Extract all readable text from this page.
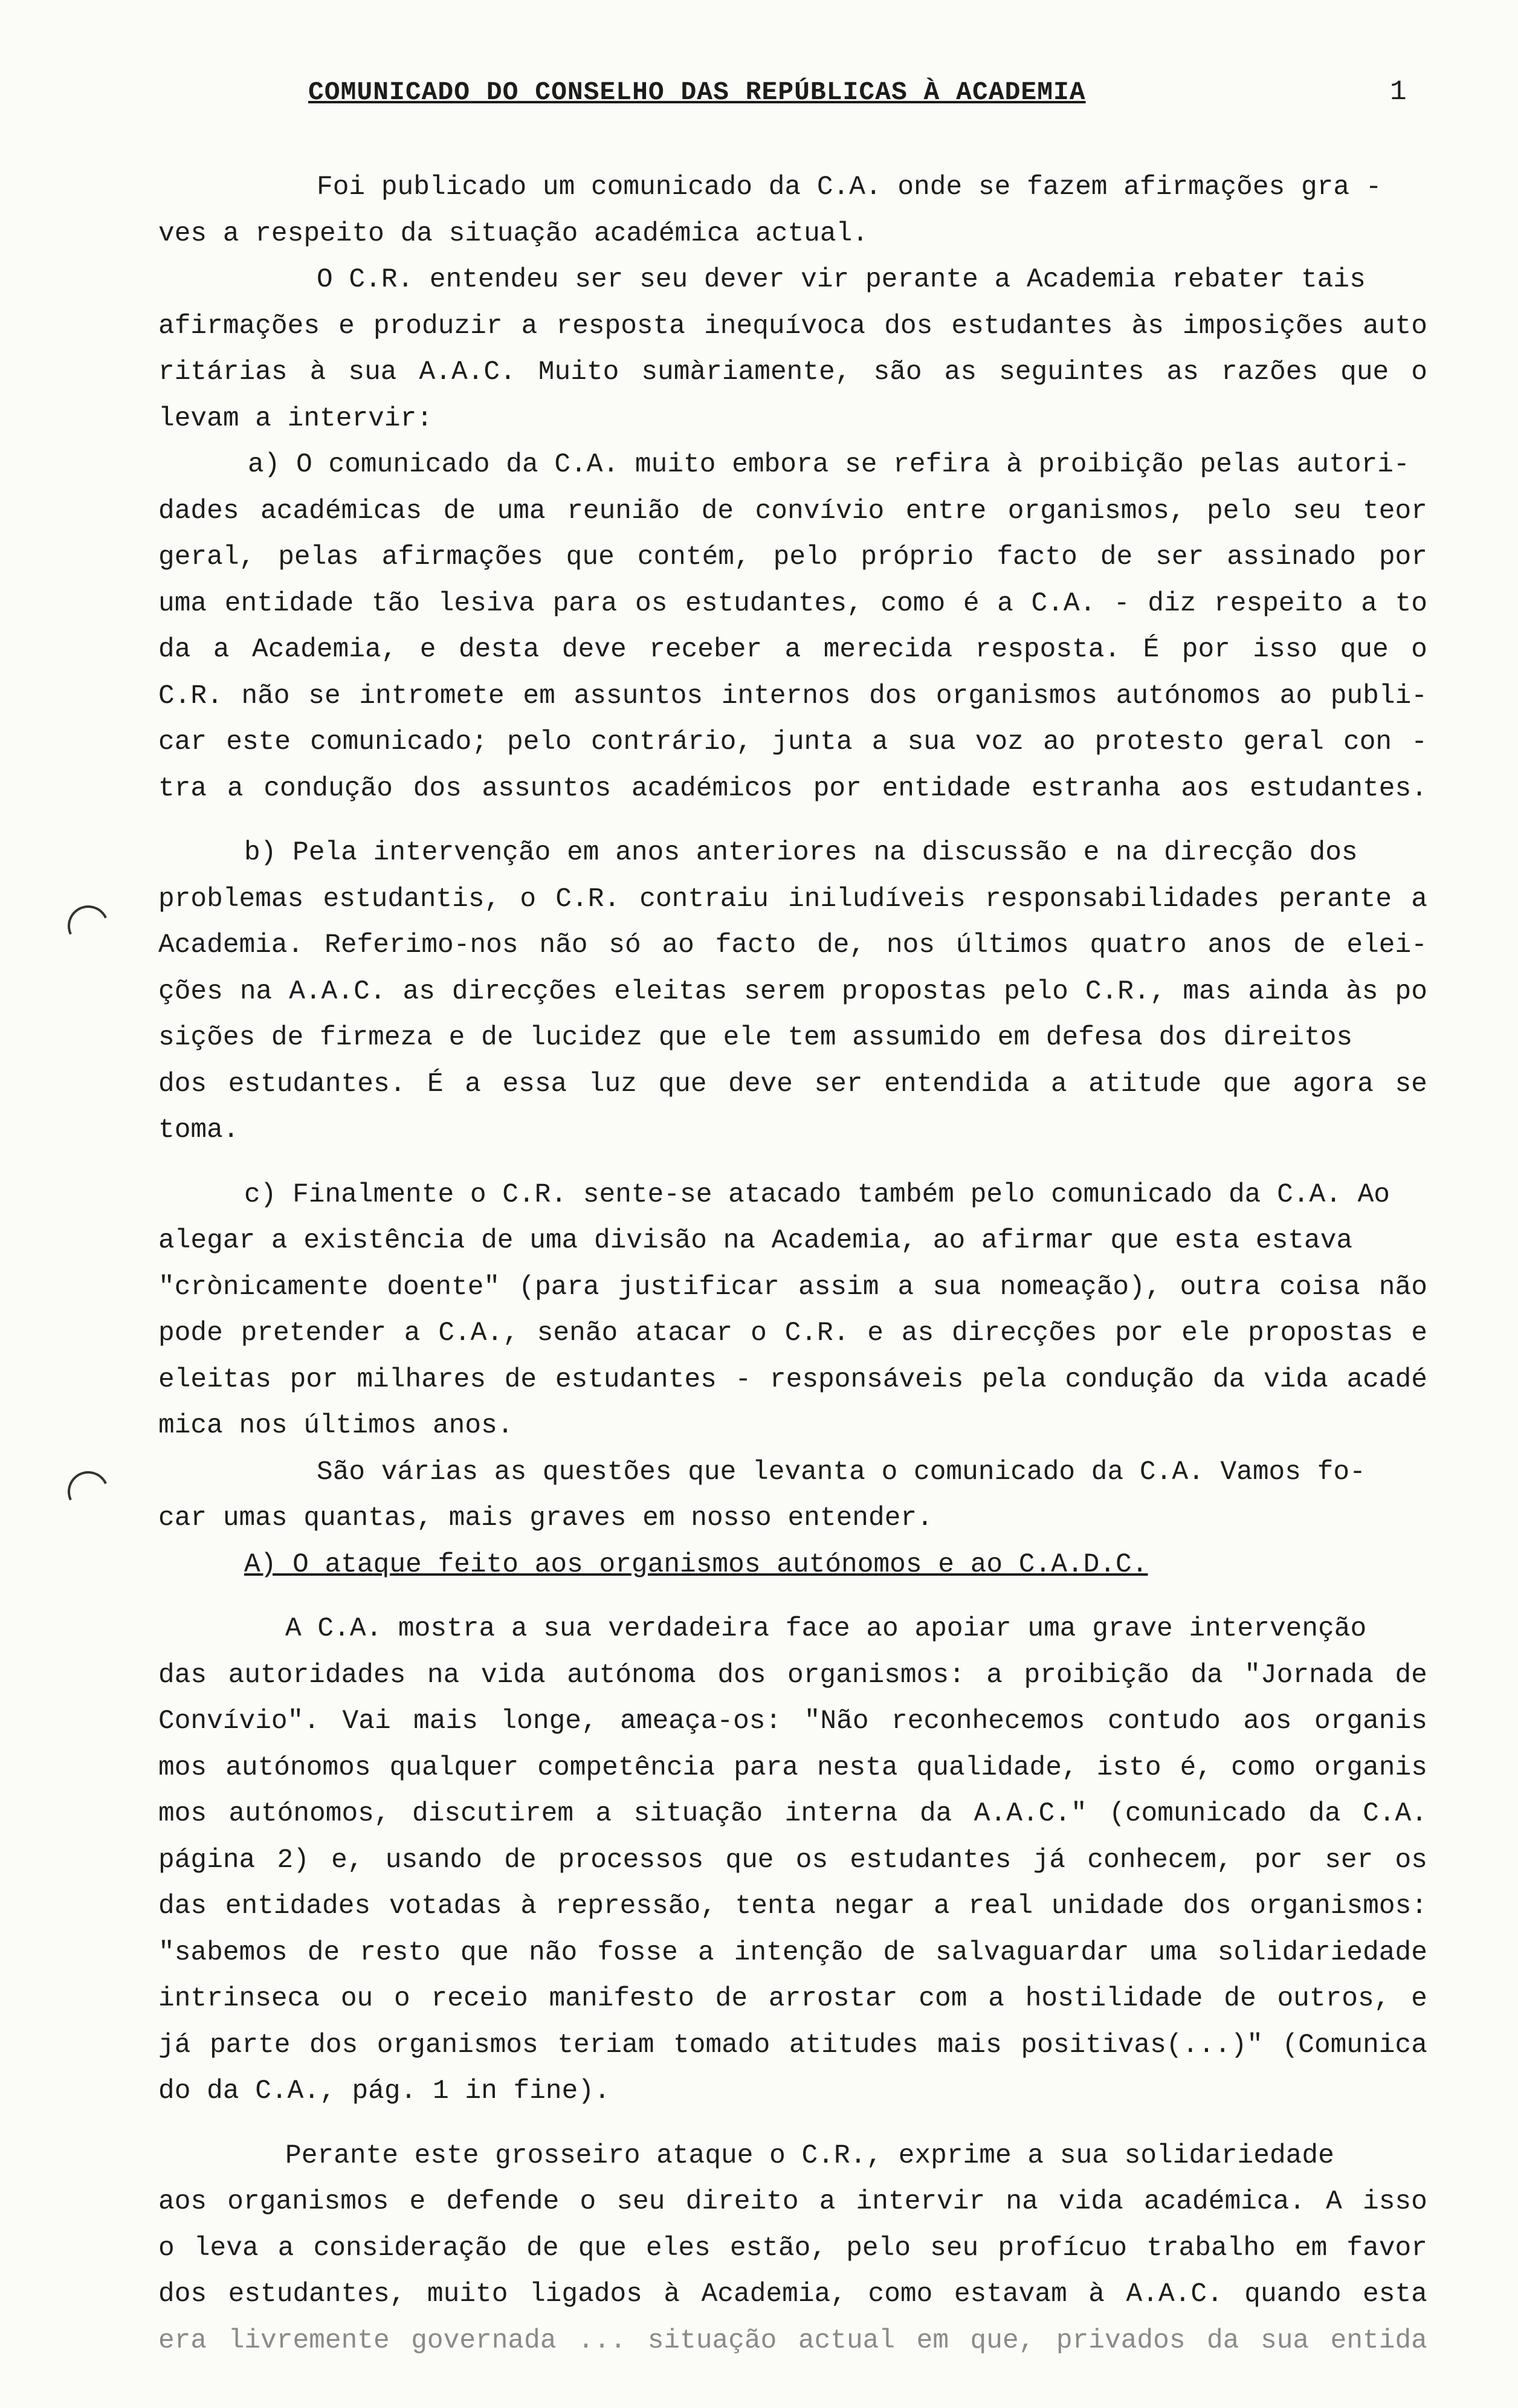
COMUNICADO DO CONSELHO DAS REPÚBLICAS À ACADEMIA	1
Foi publicado um comunicado da C.A. onde se fazem afirmações gra -
ves a respeito da situação académica actual.
O C.R. entendeu ser seu dever vir perante a Academia rebater tais
afirmações e produzir a resposta inequívoca dos estudantes às imposições auto
ritárias à sua A.A.C. Muito sumàriamente, são as seguintes as razões que o
levam a intervir:
a) O comunicado da C.A. muito embora se refira à proibição pelas autori-
dades académicas de uma reunião de convívio entre organismos, pelo seu teor
geral, pelas afirmações que contém, pelo próprio facto de ser assinado por
uma entidade tão lesiva para os estudantes, como é a C.A. - diz respeito a to
da a Academia, e desta deve receber a merecida resposta. É por isso que o
C.R. não se intromete em assuntos internos dos organismos autónomos ao publi-
car este comunicado; pelo contrário, junta a sua voz ao protesto geral con -
tra a condução dos assuntos académicos por entidade estranha aos estudantes.
b) Pela intervenção em anos anteriores na discussão e na direcção dos
problemas estudantis, o C.R. contraiu iniludíveis responsabilidades perante a
Academia. Referimo-nos não só ao facto de, nos últimos quatro anos de elei-
ções na A.A.C. as direcções eleitas serem propostas pelo C.R., mas ainda às po
sições de firmeza e de lucidez que ele tem assumido em defesa dos direitos
dos estudantes. É a essa luz que deve ser entendida a atitude que agora se
toma.
c) Finalmente o C.R. sente-se atacado também pelo comunicado da C.A. Ao
alegar a existência de uma divisão na Academia, ao afirmar que esta estava
"crònicamente doente" (para justificar assim a sua nomeação), outra coisa não
pode pretender a C.A., senão atacar o C.R. e as direcções por ele propostas e
eleitas por milhares de estudantes - responsáveis pela condução da vida acadé
mica nos últimos anos.
São várias as questões que levanta o comunicado da C.A. Vamos fo-
car umas quantas, mais graves em nosso entender.
A) O ataque feito aos organismos autónomos e ao C.A.D.C.
A C.A. mostra a sua verdadeira face ao apoiar uma grave intervenção
das autoridades na vida autónoma dos organismos: a proibição da "Jornada de
Convívio". Vai mais longe, ameaça-os: "Não reconhecemos contudo aos organis
mos autónomos qualquer competência para nesta qualidade, isto é, como organis
mos autónomos, discutirem a situação interna da A.A.C." (comunicado da C.A.
página 2) e, usando de processos que os estudantes já conhecem, por ser os
das entidades votadas à repressão, tenta negar a real unidade dos organismos:
"sabemos de resto que não fosse a intenção de salvaguardar uma solidariedade
intrinseca ou o receio manifesto de arrostar com a hostilidade de outros, e
já parte dos organismos teriam tomado atitudes mais positivas(...)" (Comunica
do da C.A., pág. 1 in fine).
Perante este grosseiro ataque o C.R., exprime a sua solidariedade
aos organismos e defende o seu direito a intervir na vida académica. A isso
o leva a consideração de que eles estão, pelo seu profícuo trabalho em favor
dos estudantes, muito ligados à Academia, como estavam à A.A.C. quando esta
era livremente governada ... situação actual em que, privados da sua entida
